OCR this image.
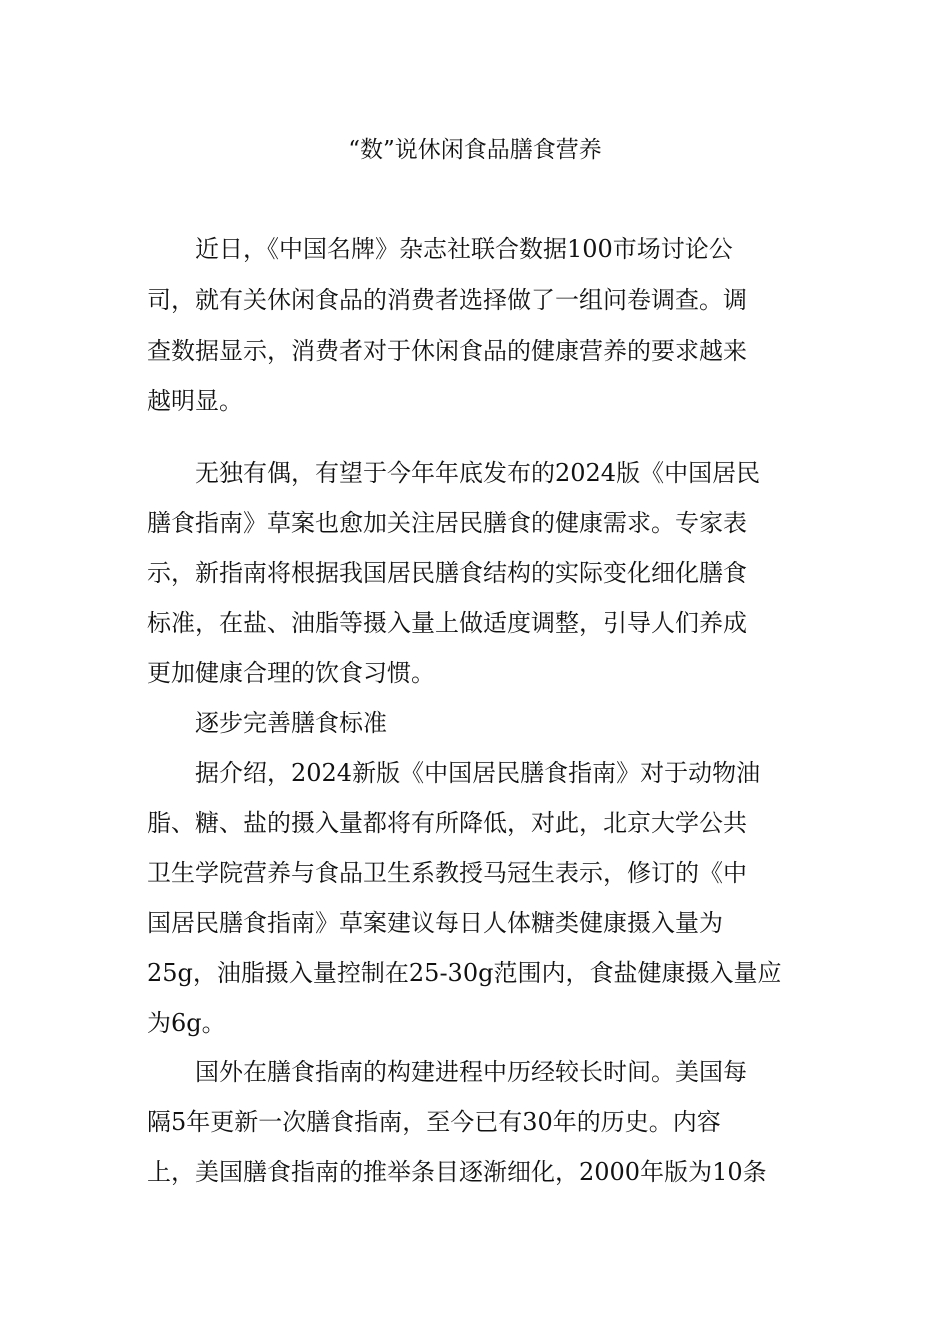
“数”说休闲食品膳食营养
　近日，《中国名牌》杂志社联合数据100市场讨论公
司，就有关休闲食品的消费者选择做了一组问卷调查。调
查数据显示，消费者对于休闲食品的健康营养的要求越来
越明显。
　无独有偶，有望于今年年底发布的2024版《中国居民
膳食指南》草案也愈加关注居民膳食的健康需求。专家表
示，新指南将根据我国居民膳食结构的实际变化细化膳食
标准，在盐、油脂等摄入量上做适度调整，引导人们养成
更加健康合理的饮食习惯。
　逐步完善膳食标准
　据介绍，2024新版《中国居民膳食指南》对于动物油
脂、糖、盐的摄入量都将有所降低，对此，北京大学公共
卫生学院营养与食品卫生系教授马冠生表示，修订的《中
国居民膳食指南》草案建议每日人体糖类健康摄入量为
25g，油脂摄入量控制在25-30g范围内，食盐健康摄入量应
为6g。
　国外在膳食指南的构建进程中历经较长时间。美国每
隔5年更新一次膳食指南，至今已有30年的历史。内容
上，美国膳食指南的推举条目逐渐细化，2000年版为10条
